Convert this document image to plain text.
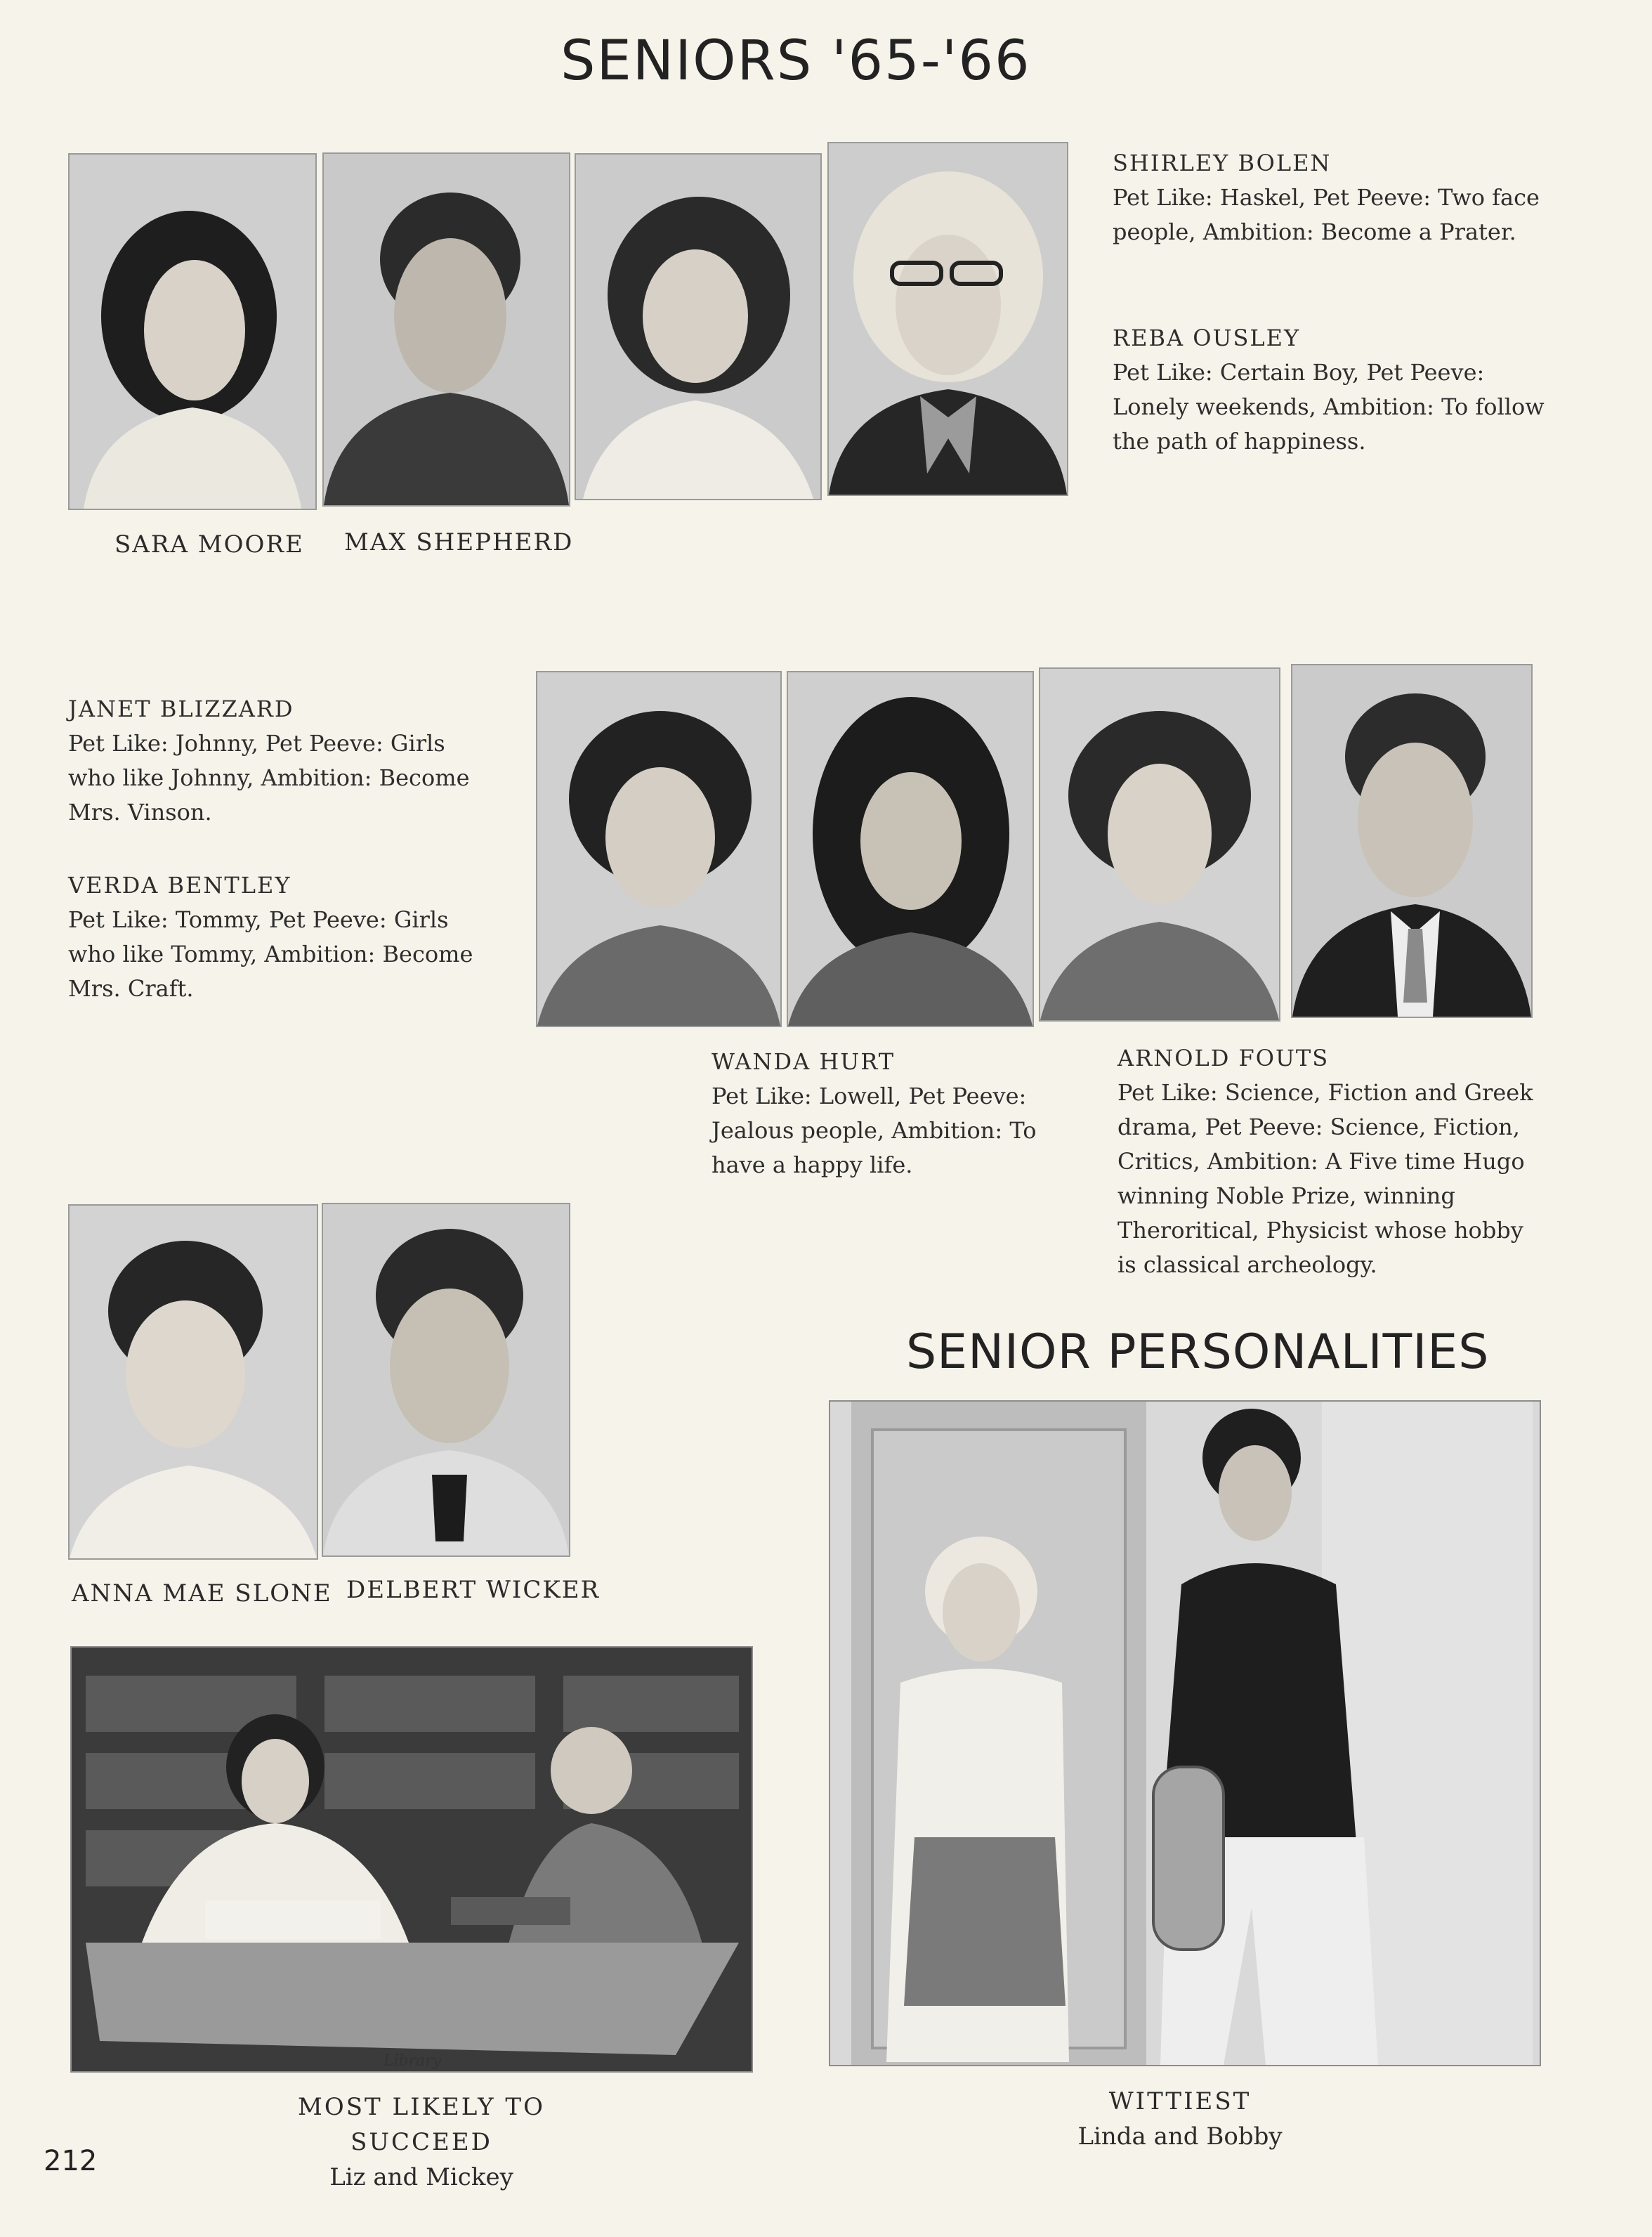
SENIORS '65-'66
SARA MOORE MAX SHEPHERD
SHIRLEY BOLEN
Pet Like: Haskel, Pet Peeve: Two face people, Ambition: Become a Prater.
REBA OUSLEY
Pet Like: Certain Boy, Pet Peeve: Lonely weekends, Ambition: To follow the path of happiness.
JANET BLIZZARD
Pet Like: Johnny, Pet Peeve: Girls who like Johnny, Ambition: Become Mrs. Vinson.
VERDA BENTLEY
Pet Like: Tommy, Pet Peeve: Girls who like Tommy, Ambition: Become Mrs. Craft.
WANDA HURT
Pet Like: Lowell, Pet Peeve: Jealous people, Ambition: To have a happy life.
ARNOLD FOUTS
Pet Like: Science, Fiction and Greek drama, Pet Peeve: Science, Fiction, Critics, Ambition: A Five time Hugo winning Noble Prize, winning Theroritical, Physicist whose hobby is classical archeology.
SENIOR PERSONALITIES
ANNA MAE SLONE DELBERT WICKER
Library
MOST LIKELY TO SUCCEED
Liz and Mickey
WITTIEST
Linda and Bobby
212
